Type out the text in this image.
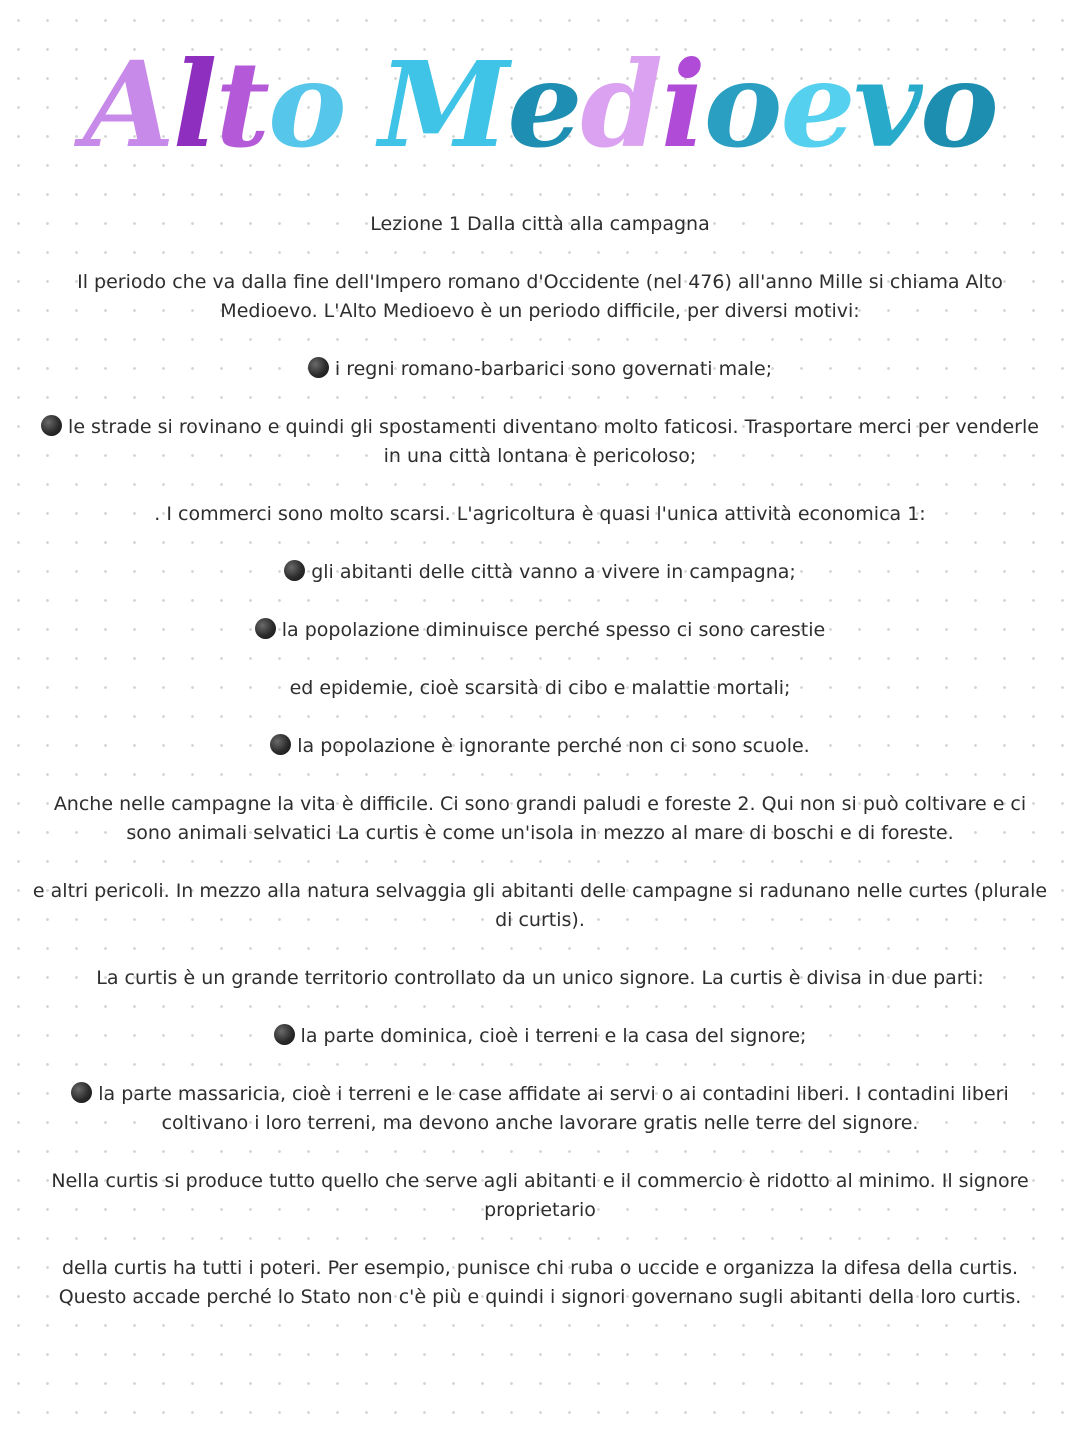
Alto Medioevo

Lezione 1 Dalla città alla campagna

Il periodo che va dalla fine dell'Impero romano d'Occidente (nel 476) all'anno Mille si chiama Alto Medioevo. L'Alto Medioevo è un periodo difficile, per diversi motivi:

i regni romano-barbarici sono governati male;

le strade si rovinano e quindi gli spostamenti diventano molto faticosi. Trasportare merci per venderle in una città lontana è pericoloso;

. I commerci sono molto scarsi. L'agricoltura è quasi l'unica attività economica 1:

gli abitanti delle città vanno a vivere in campagna;

la popolazione diminuisce perché spesso ci sono carestie

ed epidemie, cioè scarsità di cibo e malattie mortali;

la popolazione è ignorante perché non ci sono scuole.

Anche nelle campagne la vita è difficile. Ci sono grandi paludi e foreste 2. Qui non si può coltivare e ci sono animali selvatici La curtis è come un'isola in mezzo al mare di boschi e di foreste.

e altri pericoli. In mezzo alla natura selvaggia gli abitanti delle campagne si radunano nelle curtes (plurale di curtis).

La curtis è un grande territorio controllato da un unico signore. La curtis è divisa in due parti:

la parte dominica, cioè i terreni e la casa del signore;

la parte massaricia, cioè i terreni e le case affidate ai servi o ai contadini liberi. I contadini liberi coltivano i loro terreni, ma devono anche lavorare gratis nelle terre del signore.

Nella curtis si produce tutto quello che serve agli abitanti e il commercio è ridotto al minimo. Il signore proprietario

della curtis ha tutti i poteri. Per esempio, punisce chi ruba o uccide e organizza la difesa della curtis. Questo accade perché lo Stato non c'è più e quindi i signori governano sugli abitanti della loro curtis.
